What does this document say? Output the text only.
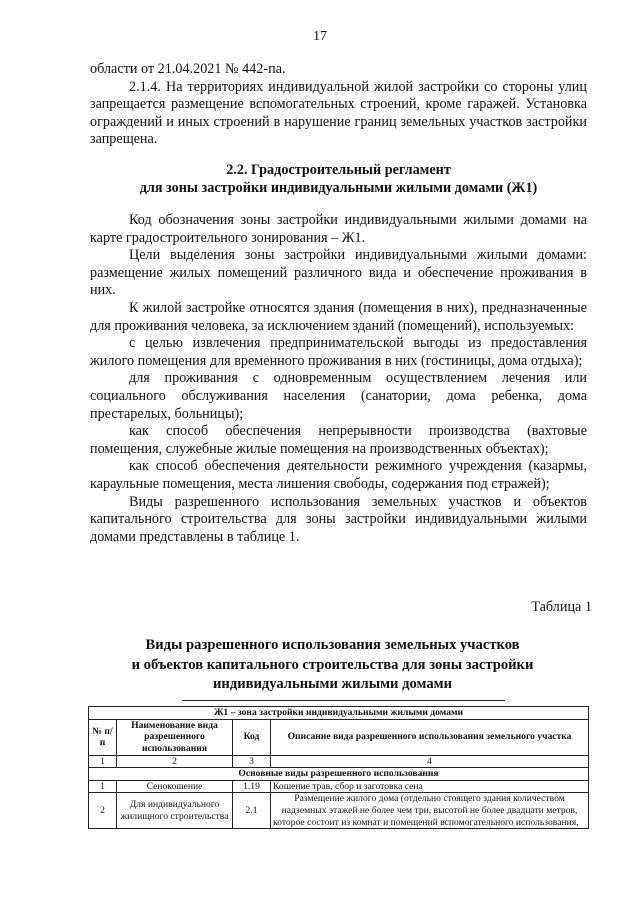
17

области от 21.04.2021 № 442-па.

2.1.4. На территориях индивидуальной жилой застройки со стороны улиц запрещается размещение вспомогательных строений, кроме гаражей. Установка ограждений и иных строений в нарушение границ земельных участков застройки запрещена.

2.2. Градостроительный регламент
для зоны застройки индивидуальными жилыми домами (Ж1)

Код обозначения зоны застройки индивидуальными жилыми домами на карте градостроительного зонирования – Ж1.

Цели выделения зоны застройки индивидуальными жилыми домами: размещение жилых помещений различного вида и обеспечение проживания в них.

К жилой застройке относятся здания (помещения в них), предназначенные для проживания человека, за исключением зданий (помещений), используемых:

с целью извлечения предпринимательской выгоды из предоставления жилого помещения для временного проживания в них (гостиницы, дома отдыха);

для проживания с одновременным осуществлением лечения или социального обслуживания населения (санатории, дома ребенка, дома престарелых, больницы);

как способ обеспечения непрерывности производства (вахтовые помещения, служебные жилые помещения на производственных объектах);

как способ обеспечения деятельности режимного учреждения (казармы, караульные помещения, места лишения свободы, содержания под стражей);

Виды разрешенного использования земельных участков и объектов капитального строительства для зоны застройки индивидуальными жилыми домами представлены в таблице 1.

Таблица 1
Виды разрешенного использования земельных участков
и объектов капитального строительства для зоны застройки
индивидуальными жилыми домами
Ж1 – зона застройки индивидуальными жилыми домами			
№ п/п	Наименование вида разрешенного использования	Код	Описание вида разрешенного использования земельного участка
1	2	3	4
Основные виды разрешенного использования			
1	Сенокошение	1.19	Кошение трав, сбор и заготовка сена
2	Для индивидуального жилищного строительства	2.1	Размещение жилого дома (отдельно стоящего здания количеством надземных этажей не более чем три, высотой не более двадцати метров, которое состоит из комнат и помещений вспомогательного использования,
